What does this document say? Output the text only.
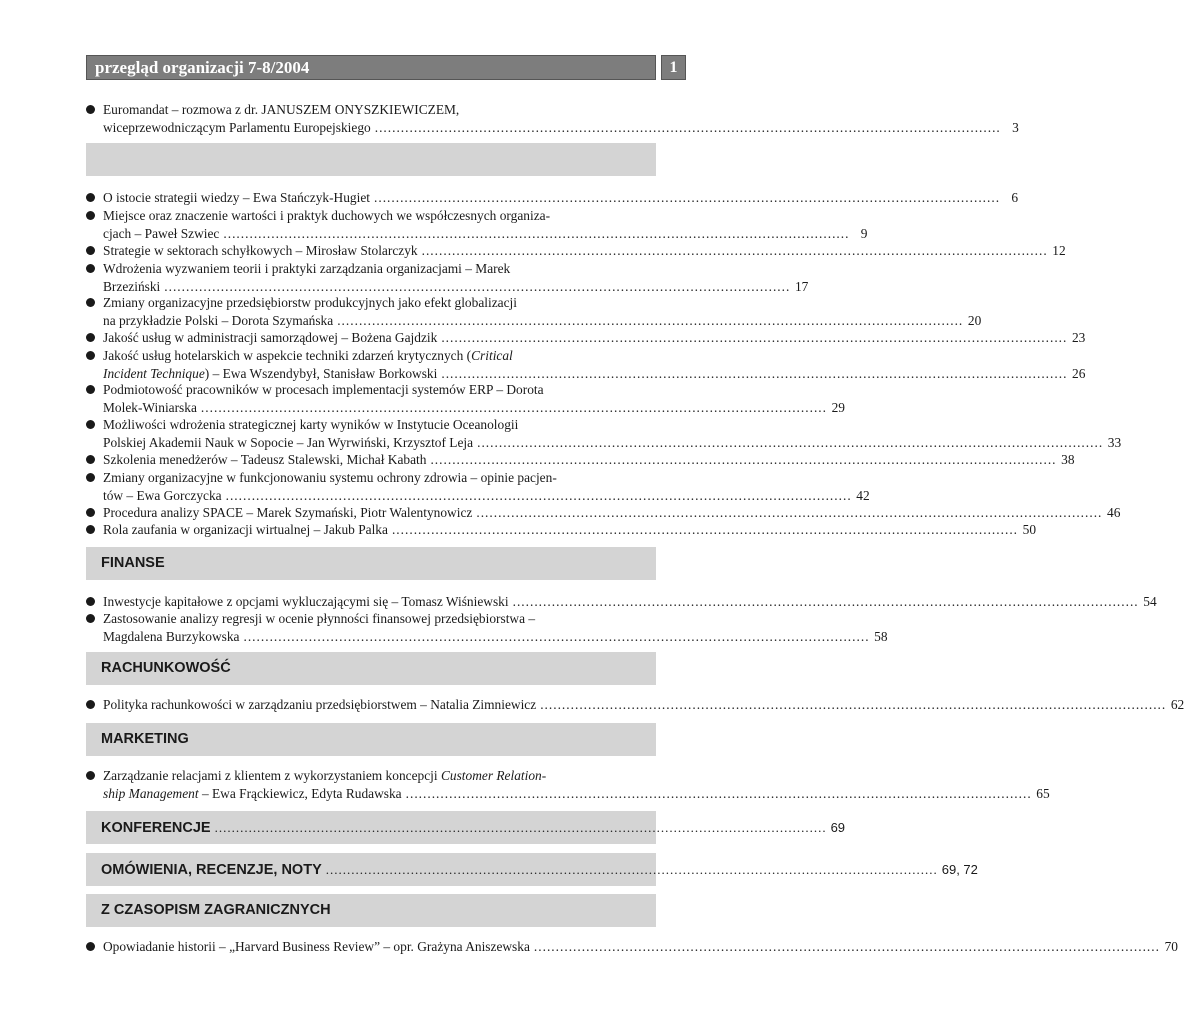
przegląd organizacji 7-8/2004	1
Euromandat – rozmowa z dr. JANUSZEM ONYSZKIEWICZEM,
wiceprzewodniczącym Parlamentu Europejskiego ................................................................................................................................................ 3
O istocie strategii wiedzy – Ewa Stańczyk-Hugiet ................................................................................................................................................ 6
Miejsce oraz znaczenie wartości i praktyk duchowych we współczesnych organiza-
cjach – Paweł Szwiec ................................................................................................................................................ 9
Strategie w sektorach schyłkowych – Mirosław Stolarczyk ................................................................................................................................................ 12
Wdrożenia wyzwaniem teorii i praktyki zarządzania organizacjami – Marek
Brzeziński ................................................................................................................................................ 17
Zmiany organizacyjne przedsiębiorstw produkcyjnych jako efekt globalizacji
na przykładzie Polski – Dorota Szymańska ................................................................................................................................................ 20
Jakość usług w administracji samorządowej – Bożena Gajdzik ................................................................................................................................................ 23
Jakość usług hotelarskich w aspekcie techniki zdarzeń krytycznych (Critical
Incident Technique) – Ewa Wszendybył, Stanisław Borkowski ................................................................................................................................................ 26
Podmiotowość pracowników w procesach implementacji systemów ERP – Dorota
Molek-Winiarska ................................................................................................................................................ 29
Możliwości wdrożenia strategicznej karty wyników w Instytucie Oceanologii
Polskiej Akademii Nauk w Sopocie – Jan Wyrwiński, Krzysztof Leja ................................................................................................................................................ 33
Szkolenia menedżerów – Tadeusz Stalewski, Michał Kabath ................................................................................................................................................ 38
Zmiany organizacyjne w funkcjonowaniu systemu ochrony zdrowia – opinie pacjen-
tów – Ewa Gorczycka ................................................................................................................................................ 42
Procedura analizy SPACE – Marek Szymański, Piotr Walentynowicz ................................................................................................................................................ 46
Rola zaufania w organizacji wirtualnej – Jakub Palka ................................................................................................................................................ 50
FINANSE
Inwestycje kapitałowe z opcjami wykluczającymi się – Tomasz Wiśniewski ................................................................................................................................................ 54
Zastosowanie analizy regresji w ocenie płynności finansowej przedsiębiorstwa –
Magdalena Burzykowska ................................................................................................................................................ 58
RACHUNKOWOŚĆ
Polityka rachunkowości w zarządzaniu przedsiębiorstwem – Natalia Zimniewicz ................................................................................................................................................ 62
MARKETING
Zarządzanie relacjami z klientem z wykorzystaniem koncepcji Customer Relation-
ship Management – Ewa Frąckiewicz, Edyta Rudawska ................................................................................................................................................ 65
KONFERENCJE ................................................................................................................................................ 69
OMÓWIENIA, RECENZJE, NOTY ................................................................................................................................................ 69, 72
Z CZASOPISM ZAGRANICZNYCH
Opowiadanie historii – „Harvard Business Review” – opr. Grażyna Aniszewska ................................................................................................................................................ 70
